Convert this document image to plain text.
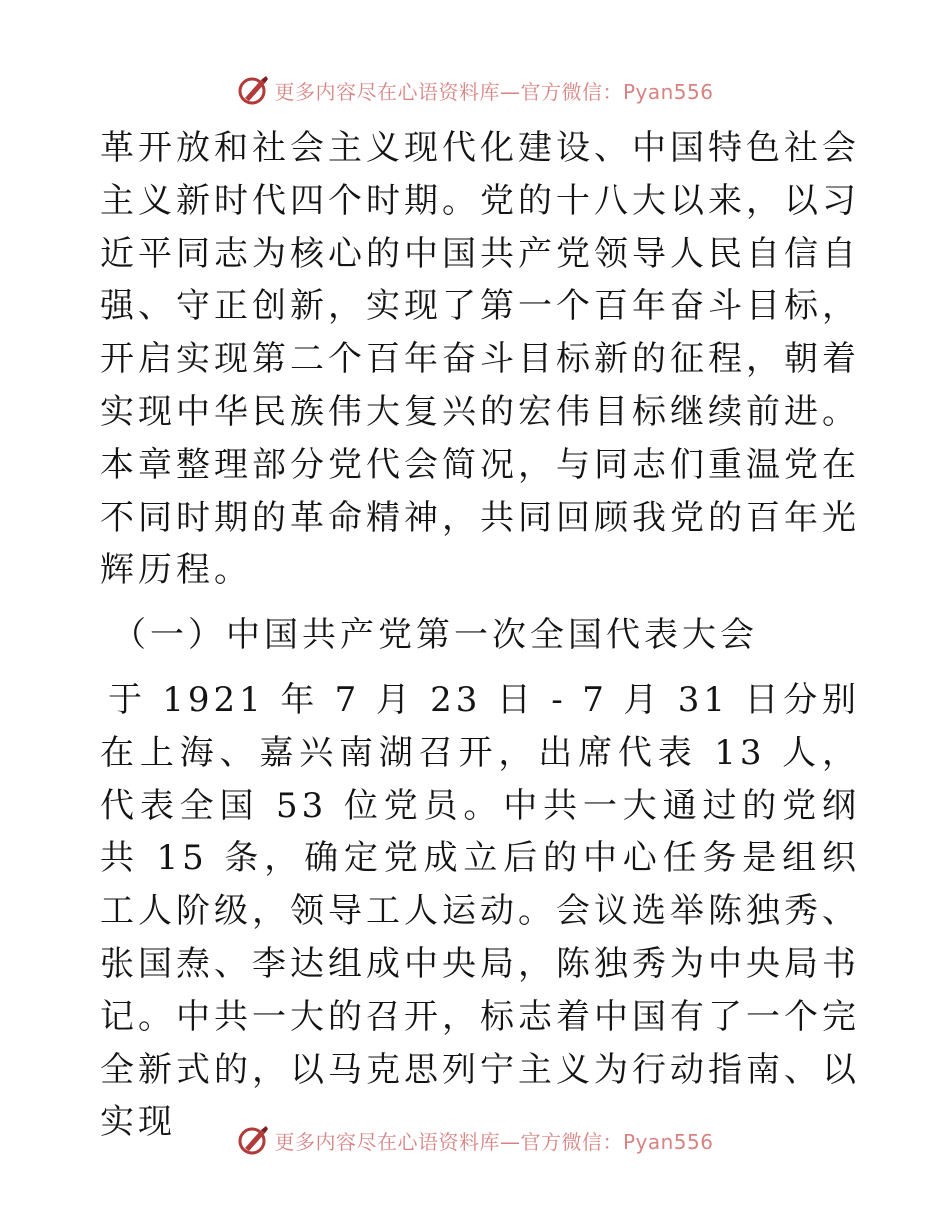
更多内容尽在心语资料库—官方微信：Pyan556

革开放和社会主义现代化建设、中国特色社会主义新时代四个时期。党的十八大以来，以习近平同志为核心的中国共产党领导人民自信自强、守正创新，实现了第一个百年奋斗目标，开启实现第二个百年奋斗目标新的征程，朝着实现中华民族伟大复兴的宏伟目标继续前进。本章整理部分党代会简况，与同志们重温党在不同时期的革命精神，共同回顾我党的百年光辉历程。

（一）中国共产党第一次全国代表大会

于 1921 年 7 月 23 日 - 7 月 31 日分别在上海、嘉兴南湖召开，出席代表 13 人，代表全国 53 位党员。中共一大通过的党纲共 15 条，确定党成立后的中心任务是组织工人阶级，领导工人运动。会议选举陈独秀、张国焘、李达组成中央局，陈独秀为中央局书记。中共一大的召开，标志着中国有了一个完全新式的，以马克思列宁主义为行动指南、以实现	更多内容尽在心语资料库—官方微信：Pyan556
